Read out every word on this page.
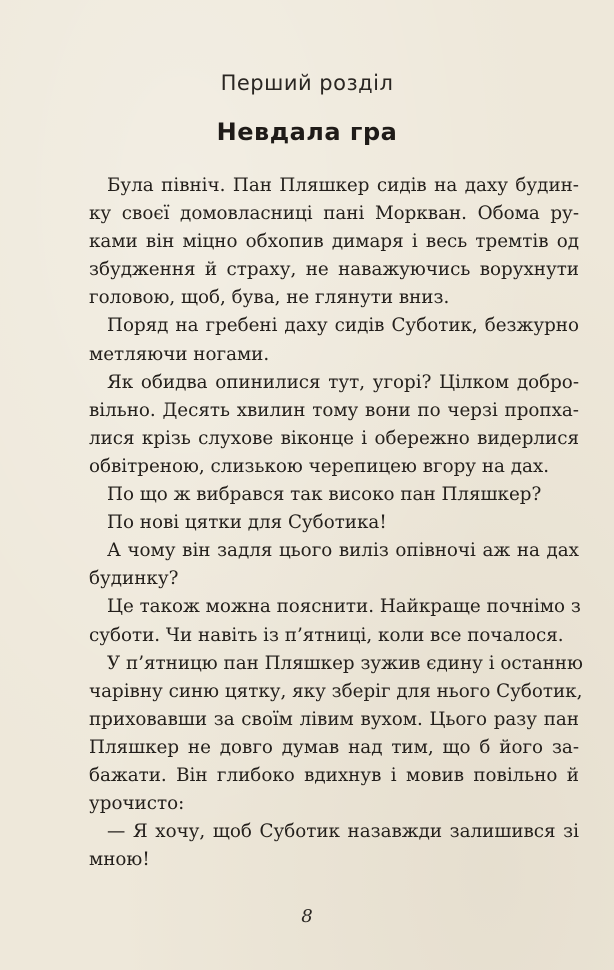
Перший розділ
Невдала гра
Була північ. Пан Пляшкер сидів на даху будин-
ку своєї домовласниці пані Моркван. Обома ру-
ками він міцно обхопив димаря і весь тремтів од
збудження й страху, не наважуючись ворухнути
головою, щоб, бува, не глянути вниз.
Поряд на гребені даху сидів Суботик, безжурно
метляючи ногами.
Як обидва опинилися тут, угорі? Цілком добро-
вільно. Десять хвилин тому вони по черзі пропха-
лися крізь слухове віконце і обережно видерлися
обвітреною, слизькою черепицею вгору на дах.
По що ж вибрався так високо пан Пляшкер?
По нові цятки для Суботика!
А чому він задля цього виліз опівночі аж на дах
будинку?
Це також можна пояснити. Найкраще почнімо з
суботи. Чи навіть із п’ятниці, коли все почалося.
У п’ятницю пан Пляшкер зужив єдину і останню
чарівну синю цятку, яку зберіг для нього Суботик,
приховавши за своїм лівим вухом. Цього разу пан
Пляшкер не довго думав над тим, що б його за-
бажати. Він глибоко вдихнув і мовив повільно й
урочисто:
— Я хочу, щоб Суботик назавжди залишився зі
мною!
8
